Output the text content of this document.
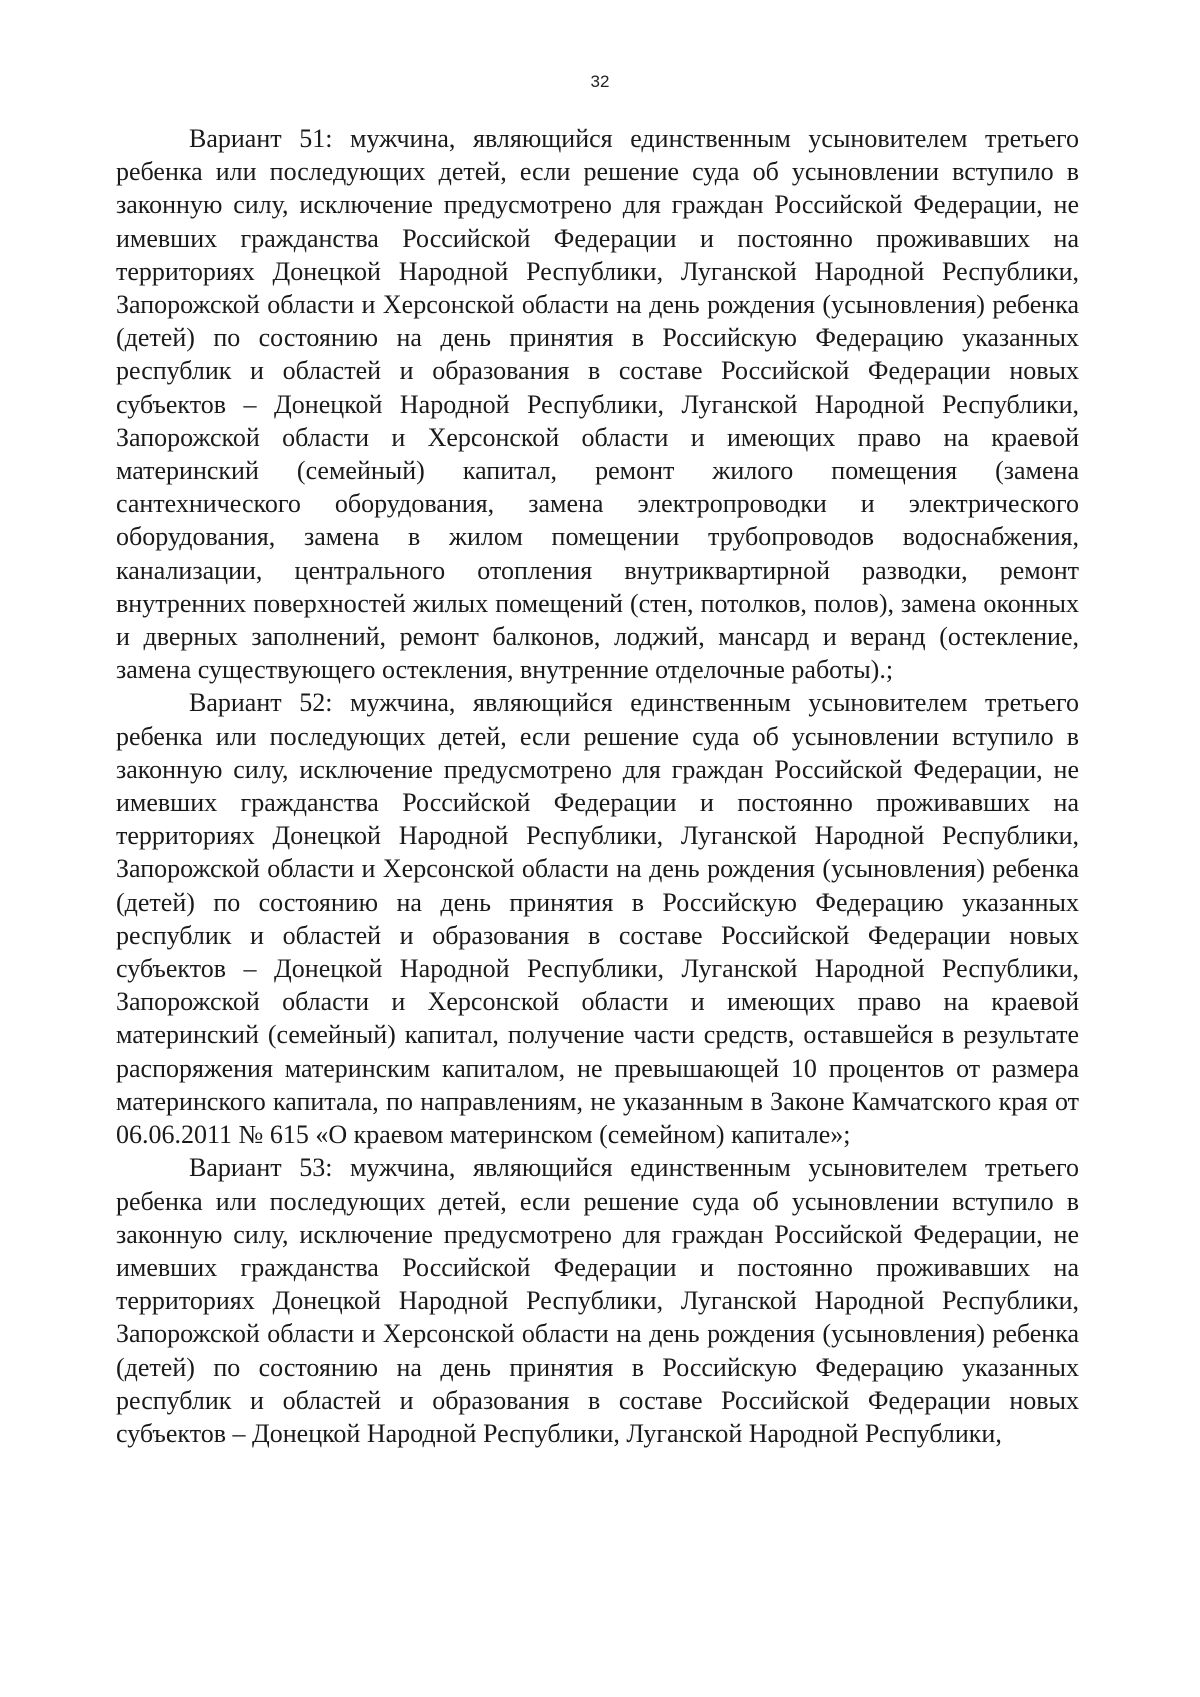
32

Вариант 51: мужчина, являющийся единственным усыновителем третьего ребенка или последующих детей, если решение суда об усыновлении вступило в законную силу, исключение предусмотрено для граждан Российской Федерации, не имевших гражданства Российской Федерации и постоянно проживавших на территориях Донецкой Народной Республики, Луганской Народной Республики, Запорожской области и Херсонской области на день рождения (усыновления) ребенка (детей) по состоянию на день принятия в Российскую Федерацию указанных республик и областей и образования в составе Российской Федерации новых субъектов – Донецкой Народной Республики, Луганской Народной Республики, Запорожской области и Херсонской области и имеющих право на краевой материнский (семейный) капитал, ремонт жилого помещения (замена сантехнического оборудования, замена электропроводки и электрического оборудования, замена в жилом помещении трубопроводов водоснабжения, канализации, центрального отопления внутриквартирной разводки, ремонт внутренних поверхностей жилых помещений (стен, потолков, полов), замена оконных и дверных заполнений, ремонт балконов, лоджий, мансард и веранд (остекление, замена существующего остекления, внутренние отделочные работы).;

Вариант 52: мужчина, являющийся единственным усыновителем третьего ребенка или последующих детей, если решение суда об усыновлении вступило в законную силу, исключение предусмотрено для граждан Российской Федерации, не имевших гражданства Российской Федерации и постоянно проживавших на территориях Донецкой Народной Республики, Луганской Народной Республики, Запорожской области и Херсонской области на день рождения (усыновления) ребенка (детей) по состоянию на день принятия в Российскую Федерацию указанных республик и областей и образования в составе Российской Федерации новых субъектов – Донецкой Народной Республики, Луганской Народной Республики, Запорожской области и Херсонской области и имеющих право на краевой материнский (семейный) капитал, получение части средств, оставшейся в результате распоряжения материнским капиталом, не превышающей 10 процентов от размера материнского капитала, по направлениям, не указанным в Законе Камчатского края от 06.06.2011 № 615 «О краевом материнском (семейном) капитале»;

Вариант 53: мужчина, являющийся единственным усыновителем третьего ребенка или последующих детей, если решение суда об усыновлении вступило в законную силу, исключение предусмотрено для граждан Российской Федерации, не имевших гражданства Российской Федерации и постоянно проживавших на территориях Донецкой Народной Республики, Луганской Народной Республики, Запорожской области и Херсонской области на день рождения (усыновления) ребенка (детей) по состоянию на день принятия в Российскую Федерацию указанных республик и областей и образования в составе Российской Федерации новых субъектов – Донецкой Народной Республики, Луганской Народной Республики,
